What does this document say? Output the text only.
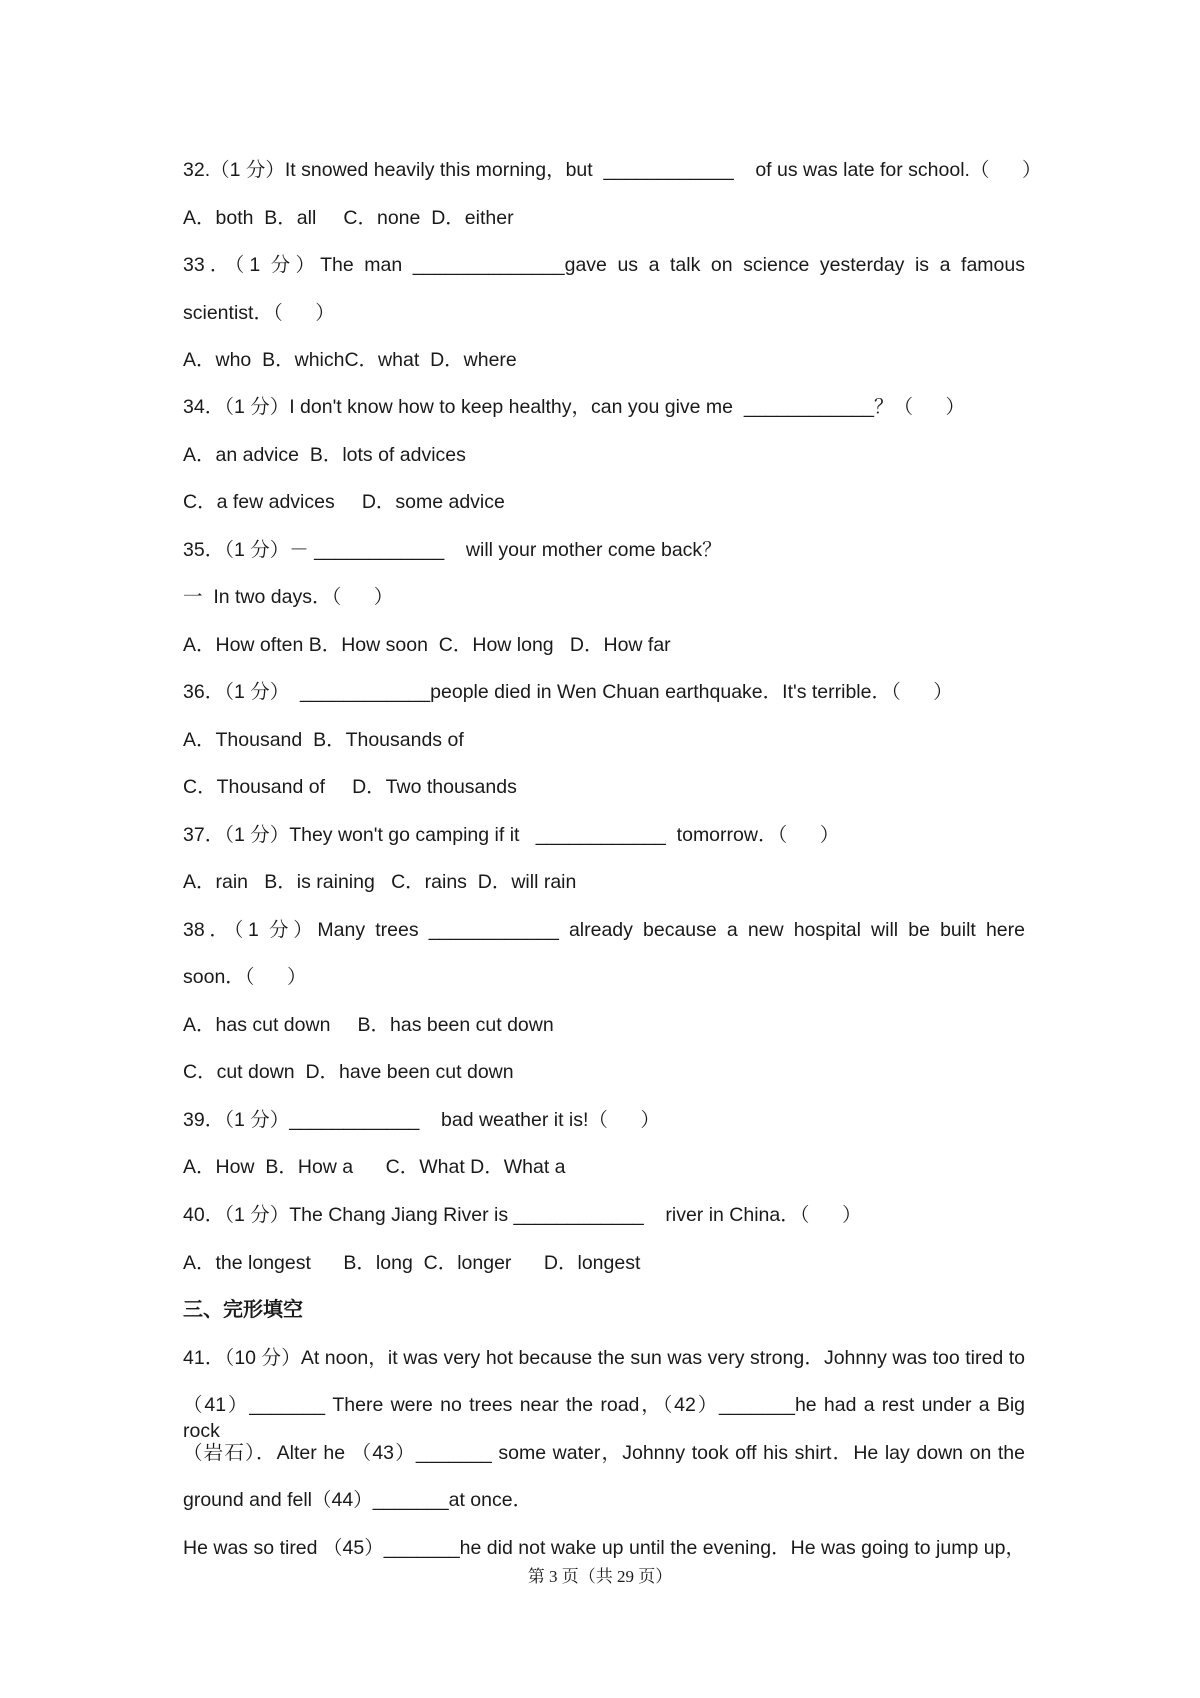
32.（1 分）It snowed heavily this morning，but  ____________    of us was late for school.（      ）
A．both  B．all     C．none  D．either
33．（1 分）The man ______________gave us a talk on science yesterday is a famous
scientist．（      ）
A．who  B．whichC．what  D．where
34．（1 分）I don't know how to keep healthy，can you give me  ____________？（      ）
A．an advice  B．lots of advices
C．a few advices     D．some advice
35．（1 分）－ ____________    will your mother come back？
一  In two days．（      ）
A．How often B．How soon  C．How long   D．How far
36．（1 分）  ____________people died in Wen Chuan earthquake．It's terrible．（      ）
A．Thousand  B．Thousands of
C．Thousand of     D．Two thousands
37．（1 分）They won't go camping if it   ____________  tomorrow．（      ）
A．rain   B．is raining   C．rains  D．will rain
38．（1 分）Many trees ____________ already because a new hospital will be built here
soon．（      ）
A．has cut down     B．has been cut down
C．cut down  D．have been cut down
39．（1 分）____________    bad weather it is!（      ）
A．How  B．How a      C．What D．What a
40．（1 分）The Chang Jiang River is ____________    river in China．（      ）
A．the longest      B．long  C．longer      D．longest
三、完形填空
41．（10 分）At noon，it was very hot because the sun was very strong．Johnny was too tired to
（41）_______ There were no trees near the road，（42）_______he had a rest under a Big rock
（岩石）．Alter he （43）_______ some water，Johnny took off his shirt．He lay down on the
ground and fell（44）_______at once．
He was so tired （45）_______he did not wake up until the evening．He was going to jump up，
第 3 页（共 29 页）
